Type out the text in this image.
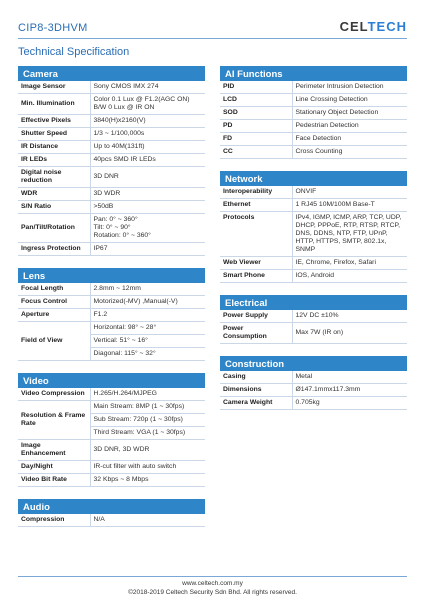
CIP8-3DHVM	CELTECH
Technical Specification
Camera
Image Sensor	Sony CMOS IMX 274
Min. Illumination	Color 0.1 Lux @ F1.2(AGC ON)
B/W 0 Lux @ IR ON

Effective Pixels	3840(H)x2160(V)
Shutter Speed	1/3 ~ 1/100,000s
IR Distance	Up to 40M(131ft)
IR LEDs	40pcs SMD IR LEDs
Digital noise reduction	3D DNR
WDR	3D WDR
S/N Ratio	>50dB
Pan/Tilt/Rotation	Pan: 0° ~ 360°
Tilt: 0° ~ 90°
Rotation: 0° ~ 360°

Ingress Protection	IP67
Lens
Focal Length	2.8mm ~ 12mm
Focus Control	Motorized(-MV) ,Manual(-V)
Aperture	F1.2
Field of View	Horizontal: 98° ~ 28°
	Vertical: 51° ~ 16°
	Diagonal: 115° ~ 32°
Video
Video Compression	H.265/H.264/MJPEG
Resolution & Frame Rate	Main Stream: 8MP (1 ~ 30fps)
	Sub Stream: 720p (1 ~ 30fps)
	Third Stream: VGA (1 ~ 30fps)
Image Enhancement	3D DNR, 3D WDR
Day/Night	IR-cut filter with auto switch
Video Bit Rate	32 Kbps ~ 8 Mbps
Audio
Compression	N/A
AI Functions
PID	Perimeter Intrusion Detection
LCD	Line Crossing Detection
SOD	Stationary Object Detection
PD	Pedestrian Detection
FD	Face Detection
CC	Cross Counting
Network
Interoperability	ONVIF
Ethernet	1 RJ45 10M/100M Base-T
Protocols	IPv4, IGMP, ICMP, ARP, TCP, UDP, DHCP, PPPoE, RTP, RTSP, RTCP, DNS, DDNS, NTP, FTP, UPnP, HTTP, HTTPS, SMTP, 802.1x, SNMP
Web Viewer	IE, Chrome, Firefox, Safari
Smart Phone	IOS, Android
Electrical
Power Supply	12V DC ±10%
Power Consumption	Max 7W (IR on)
Construction
Casing	Metal
Dimensions	Ø147.1mmx117.3mm
Camera Weight	0.705kg
www.celtech.com.my
©2018-2019 Celtech Security Sdn Bhd. All rights reserved.
